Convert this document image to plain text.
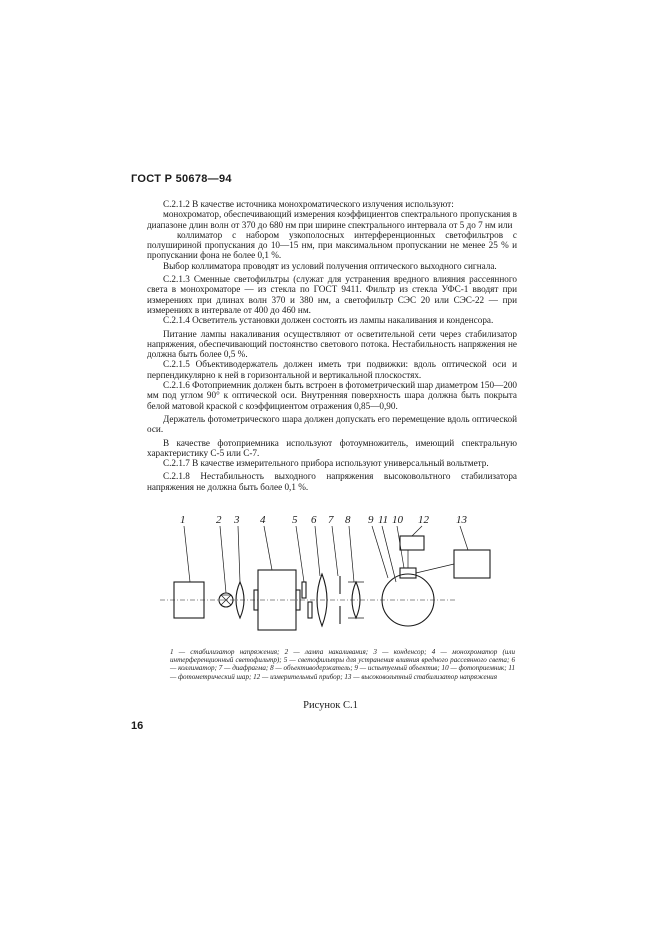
ГОСТ Р 50678—94

С.2.1.2 В качестве источника монохроматического излучения используют:

монохроматор, обеспечивающий измерения коэффициентов спектрального пропускания в диапазоне длин волн от 370 до 680 нм при ширине спектрального интервала от 5 до 7 нм или

коллиматор с набором узкополосных интерференционных светофильтров с полушириной пропускания до 10—15 нм, при максимальном пропускании не менее 25 % и пропускании фона не более 0,1 %.

Выбор коллиматора проводят из условий получения оптического выходного сигнала.

С.2.1.3 Сменные светофильтры (служат для устранения вредного влияния рассеянного света в монохроматоре — из стекла по ГОСТ 9411. Фильтр из стекла УФС-1 вводят при измерениях при длинах волн 370 и 380 нм, а светофильтр СЭС 20 или СЭС-22 — при измерениях в интервале от 400 до 460 нм.

С.2.1.4 Осветитель установки должен состоять из лампы накаливания и конденсора.

Питание лампы накаливания осуществляют от осветительной сети через стабилизатор напряжения, обеспечивающий постоянство светового потока. Нестабильность напряжения не должна быть более 0,5 %.

С.2.1.5 Объективодержатель должен иметь три подвижки: вдоль оптической оси и перпендикулярно к ней в горизонтальной и вертикальной плоскостях.

С.2.1.6 Фотоприемник должен быть встроен в фотометрический шар диаметром 150—200 мм под углом 90° к оптической оси. Внутренняя поверхность шара должна быть покрыта белой матовой краской с коэффициентом отражения 0,85—0,90.

Держатель фотометрического шара должен допускать его перемещение вдоль оптической оси.

В качестве фотоприемника используют фотоумножитель, имеющий спектральную характеристику С-5 или С-7.

С.2.1.7 В качестве измерительного прибора используют универсальный вольтметр.

С.2.1.8 Нестабильность выходного напряжения высоковольтного стабилизатора напряжения не должна быть более 0,1 %.

1	2 3 4 5 6 7 8 9 11 10 12 13
1 — стабилизатор напряжения; 2 — лампа накаливания; 3 — конденсор; 4 — монохроматор (или интерференционный светофильтр); 5 — светофильтры для устранения влияния вредного рассеянного света; 6 — коллиматор; 7 — диафрагма; 8 — объективодержатель; 9 — испытуемый объектив; 10 — фотоприемник; 11 — фотометрический шар; 12 — измерительный прибор; 13 — высоковольтный стабилизатор напряжения
Рисунок С.1
16
